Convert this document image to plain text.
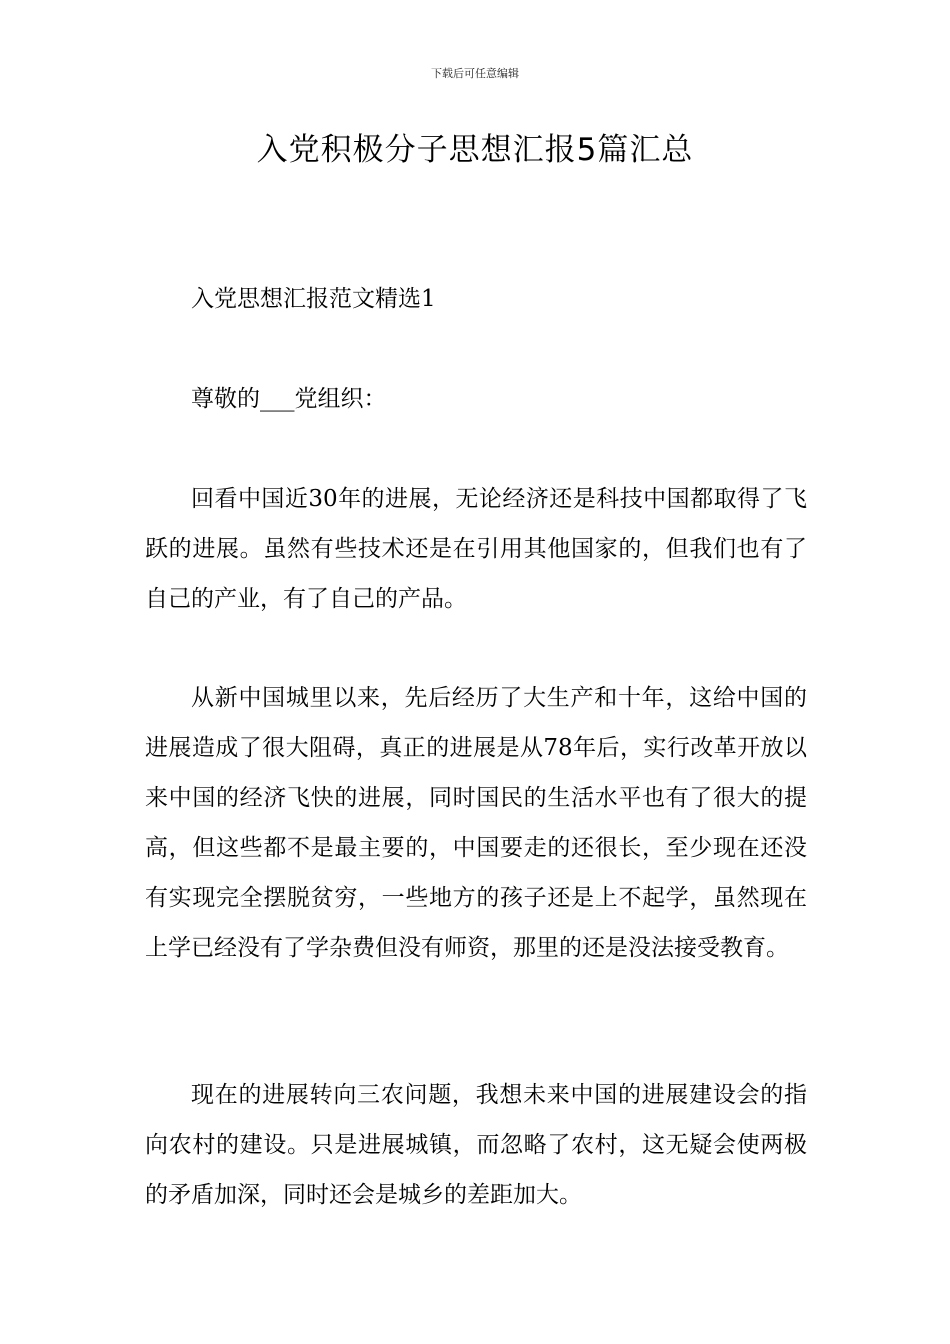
下载后可任意编辑
入党积极分子思想汇报5篇汇总

入党思想汇报范文精选1

尊敬的___党组织：

回看中国近30年的进展，无论经济还是科技中国都取得了飞跃的进展。虽然有些技术还是在引用其他国家的，但我们也有了自己的产业，有了自己的产品。

从新中国城里以来，先后经历了大生产和十年，这给中国的进展造成了很大阻碍，真正的进展是从78年后，实行改革开放以来中国的经济飞快的进展，同时国民的生活水平也有了很大的提高，但这些都不是最主要的，中国要走的还很长，至少现在还没有实现完全摆脱贫穷，一些地方的孩子还是上不起学，虽然现在上学已经没有了学杂费但没有师资，那里的还是没法接受教育。

现在的进展转向三农问题，我想未来中国的进展建设会的指向农村的建设。只是进展城镇，而忽略了农村，这无疑会使两极的矛盾加深，同时还会是城乡的差距加大。
